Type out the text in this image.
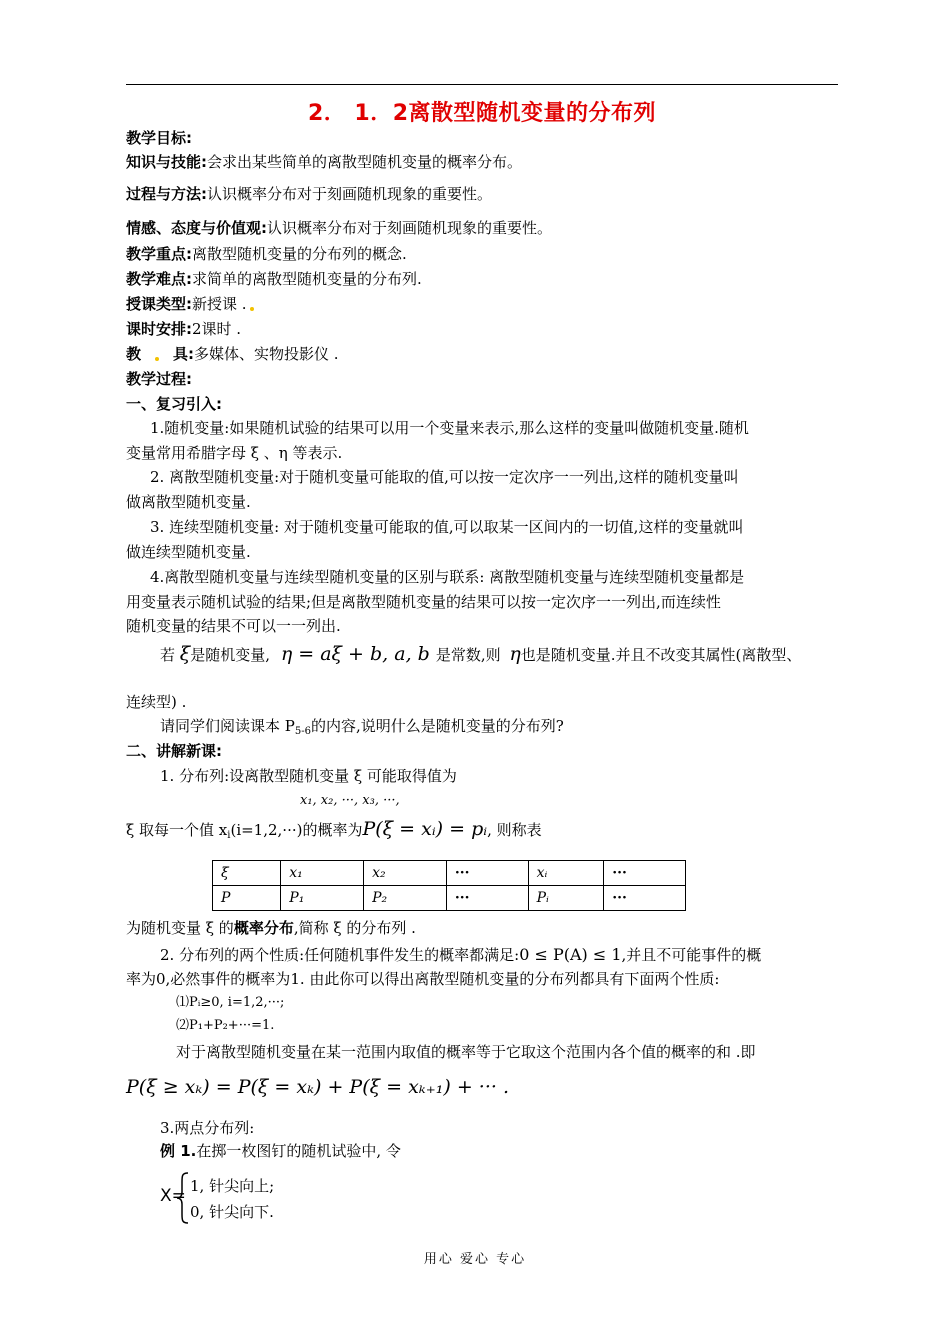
2． 1．2离散型随机变量的分布列
教学目标:
知识与技能:会求出某些简单的离散型随机变量的概率分布。
过程与方法:认识概率分布对于刻画随机现象的重要性。
情感、态度与价值观:认识概率分布对于刻画随机现象的重要性。
教学重点:离散型随机变量的分布列的概念.
教学难点:求简单的离散型随机变量的分布列.
授课类型:新授课 .
课时安排:2课时 .
教 具:多媒体、实物投影仪 .
教学过程:
一、复习引入:
1.随机变量:如果随机试验的结果可以用一个变量来表示,那么这样的变量叫做随机变量.随机
变量常用希腊字母 ξ 、η 等表示.
2. 离散型随机变量:对于随机变量可能取的值,可以按一定次序一一列出,这样的随机变量叫
做离散型随机变量.
3. 连续型随机变量: 对于随机变量可能取的值,可以取某一区间内的一切值,这样的变量就叫
做连续型随机变量.
4.离散型随机变量与连续型随机变量的区别与联系: 离散型随机变量与连续型随机变量都是
用变量表示随机试验的结果;但是离散型随机变量的结果可以按一定次序一一列出,而连续性
随机变量的结果不可以一一列出.
若 ξ是随机变量, η = aξ + b, a, b 是常数,则 η也是随机变量.并且不改变其属性(离散型、
连续型) .
请同学们阅读课本 $P_{5-6}$的内容,说明什么是随机变量的分布列?
二、讲解新课:
1. 分布列:设离散型随机变量 ξ 可能取得值为
x₁, x₂, ···, x₃, ···,
ξ 取每一个值 $x_i(i=1,2,\cdot\cdot\cdot)$的概率为P(ξ = xᵢ) = pᵢ, 则称表
ξ	x₁	x₂	···	xᵢ	···
P	P₁	P₂	···	Pᵢ	···
为随机变量 ξ 的概率分布,简称 ξ 的分布列 .
2. 分布列的两个性质:任何随机事件发生的概率都满足:0 ≤ P(A) ≤ 1,并且不可能事件的概
率为0,必然事件的概率为1. 由此你可以得出离散型随机变量的分布列都具有下面两个性质:
⑴Pᵢ≥0, i=1,2,···;
⑵P₁+P₂+···=1.
对于离散型随机变量在某一范围内取值的概率等于它取这个范围内各个值的概率的和 .即
P(ξ ≥ xₖ) = P(ξ = xₖ) + P(ξ = xₖ₊₁) + ··· .
3.两点分布列:
例 1.在掷一枚图钉的随机试验中, 令
X= 1, 针尖向上;
0, 针尖向下.
用心 爱心 专心
